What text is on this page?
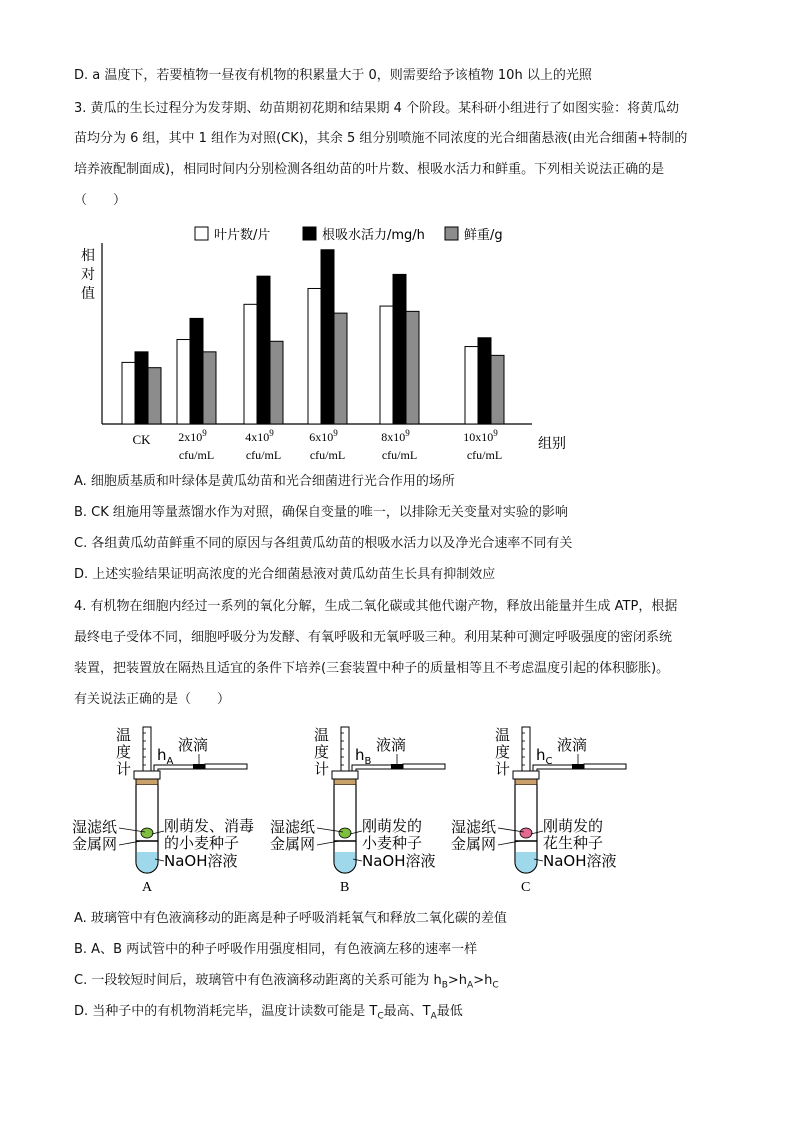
D. a 温度下，若要植物一昼夜有机物的积累量大于 0，则需要给予该植物 10h 以上的光照
3. 黄瓜的生长过程分为发芽期、幼苗期初花期和结果期 4 个阶段。某科研小组进行了如图实验：将黄瓜幼
苗均分为 6 组，其中 1 组作为对照(CK)，其余 5 组分别喷施不同浓度的光合细菌悬液(由光合细菌+特制的
培养液配制面成)，相同时间内分别检测各组幼苗的叶片数、根吸水活力和鲜重。下列相关说法正确的是
（　　）
叶片数/片	根吸水活力/mg/h	鲜重/g
相
对
值
CK $2x10^9$
cfu/mL
$4x10^9$
cfu/mL
$6x10^9$
cfu/mL
$8x10^9$
cfu/mL
$10x10^9$
cfu/mL
组别
A. 细胞质基质和叶绿体是黄瓜幼苗和光合细菌进行光合作用的场所
B. CK 组施用等量蒸馏水作为对照，确保自变量的唯一，以排除无关变量对实验的影响
C. 各组黄瓜幼苗鲜重不同的原因与各组黄瓜幼苗的根吸水活力以及净光合速率不同有关
D. 上述实验结果证明高浓度的光合细菌悬液对黄瓜幼苗生长具有抑制效应
4. 有机物在细胞内经过一系列的氧化分解，生成二氧化碳或其他代谢产物，释放出能量并生成 ATP，根据
最终电子受体不同，细胞呼吸分为发酵、有氧呼吸和无氧呼吸三种。利用某种可测定呼吸强度的密闭系统
装置，把装置放在隔热且适宜的条件下培养(三套装置中种子的质量相等且不考虑温度引起的体积膨胀)。
有关说法正确的是（　　）
温
度
计
$h_A$
液滴
湿滤纸
金属网
刚萌发、消毒
的小麦种子
NaOH溶液
A
温
度
计
$h_B$
液滴
湿滤纸
金属网
刚萌发的
小麦种子
NaOH溶液
B
温
度
计
$h_C$
液滴
湿滤纸
金属网
刚萌发的
花生种子
NaOH溶液
C
A. 玻璃管中有色液滴移动的距离是种子呼吸消耗氧气和释放二氧化碳的差值
B. A、B 两试管中的种子呼吸作用强度相同，有色液滴左移的速率一样
C. 一段较短时间后，玻璃管中有色液滴移动距离的关系可能为 $h_B>h_A>h_C$
D. 当种子中的有机物消耗完毕，温度计读数可能是 $T_C$最高、$T_A$最低
